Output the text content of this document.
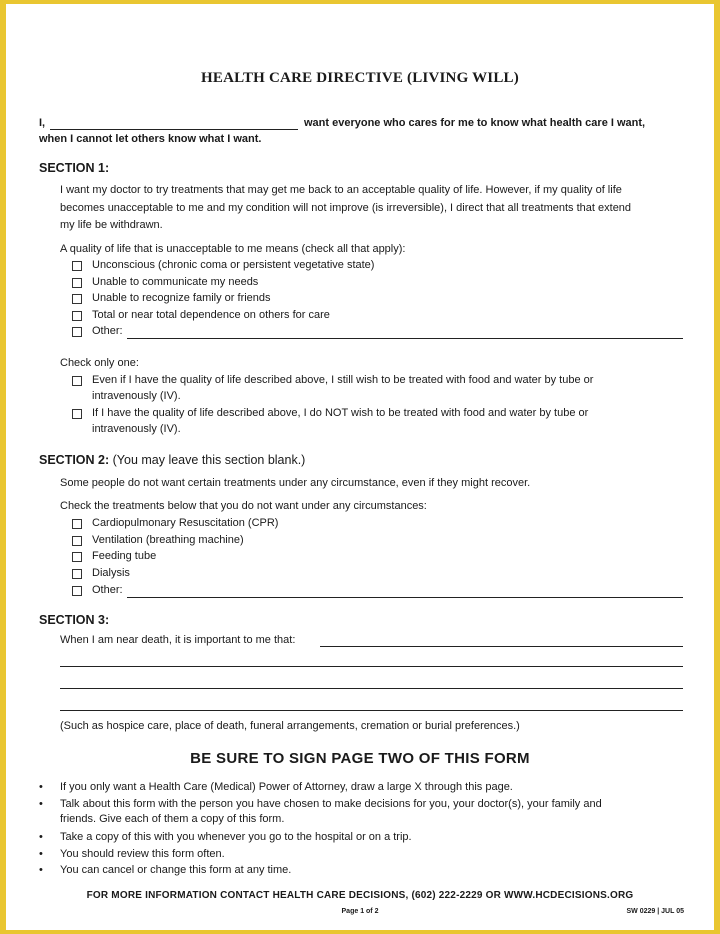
HEALTH CARE DIRECTIVE (LIVING WILL)
I,	want everyone who cares for me to know what health care I want,
when I cannot let others know what I want.
SECTION 1:
I want my doctor to try treatments that may get me back to an acceptable quality of life. However, if my quality of life
becomes unacceptable to me and my condition will not improve (is irreversible), I direct that all treatments that extend
my life be withdrawn.
A quality of life that is unacceptable to me means (check all that apply):
Unconscious (chronic coma or persistent vegetative state)
Unable to communicate my needs
Unable to recognize family or friends
Total or near total dependence on others for care
Other:
Check only one:
Even if I have the quality of life described above, I still wish to be treated with food and water by tube or
intravenously (IV).
If I have the quality of life described above, I do NOT wish to be treated with food and water by tube or
intravenously (IV).
SECTION 2: (You may leave this section blank.)
Some people do not want certain treatments under any circumstance, even if they might recover.
Check the treatments below that you do not want under any circumstances:
Cardiopulmonary Resuscitation (CPR)
Ventilation (breathing machine)
Feeding tube
Dialysis
Other:
SECTION 3:
When I am near death, it is important to me that:
(Such as hospice care, place of death, funeral arrangements, cremation or burial preferences.)
BE SURE TO SIGN PAGE TWO OF THIS FORM
• If you only want a Health Care (Medical) Power of Attorney, draw a large X through this page.
• Talk about this form with the person you have chosen to make decisions for you, your doctor(s), your family and
friends. Give each of them a copy of this form.
• Take a copy of this with you whenever you go to the hospital or on a trip.
• You should review this form often.
• You can cancel or change this form at any time.
FOR MORE INFORMATION CONTACT HEALTH CARE DECISIONS, (602) 222-2229 OR WWW.HCDECISIONS.ORG
Page 1 of 2	SW 0229 | JUL 05
